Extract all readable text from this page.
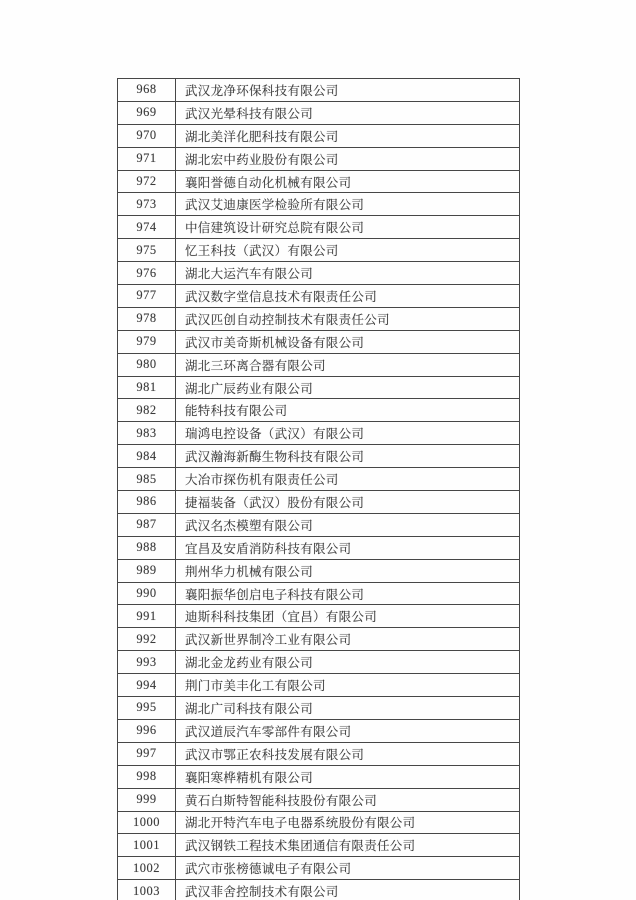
968	武汉龙净环保科技有限公司
969	武汉光晕科技有限公司
970	湖北美洋化肥科技有限公司
971	湖北宏中药业股份有限公司
972	襄阳誉德自动化机械有限公司
973	武汉艾迪康医学检验所有限公司
974	中信建筑设计研究总院有限公司
975	忆王科技（武汉）有限公司
976	湖北大运汽车有限公司
977	武汉数字堂信息技术有限责任公司
978	武汉匹创自动控制技术有限责任公司
979	武汉市美奇斯机械设备有限公司
980	湖北三环离合器有限公司
981	湖北广辰药业有限公司
982	能特科技有限公司
983	瑞鸿电控设备（武汉）有限公司
984	武汉瀚海新酶生物科技有限公司
985	大冶市探伤机有限责任公司
986	捷福装备（武汉）股份有限公司
987	武汉名杰模塑有限公司
988	宜昌及安盾消防科技有限公司
989	荆州华力机械有限公司
990	襄阳振华创启电子科技有限公司
991	迪斯科科技集团（宜昌）有限公司
992	武汉新世界制冷工业有限公司
993	湖北金龙药业有限公司
994	荆门市美丰化工有限公司
995	湖北广司科技有限公司
996	武汉道辰汽车零部件有限公司
997	武汉市鄂正农科技发展有限公司
998	襄阳寒桦精机有限公司
999	黄石白斯特智能科技股份有限公司
1000	湖北开特汽车电子电器系统股份有限公司
1001	武汉钢铁工程技术集团通信有限责任公司
1002	武穴市张榜德诚电子有限公司
1003	武汉菲舍控制技术有限公司
